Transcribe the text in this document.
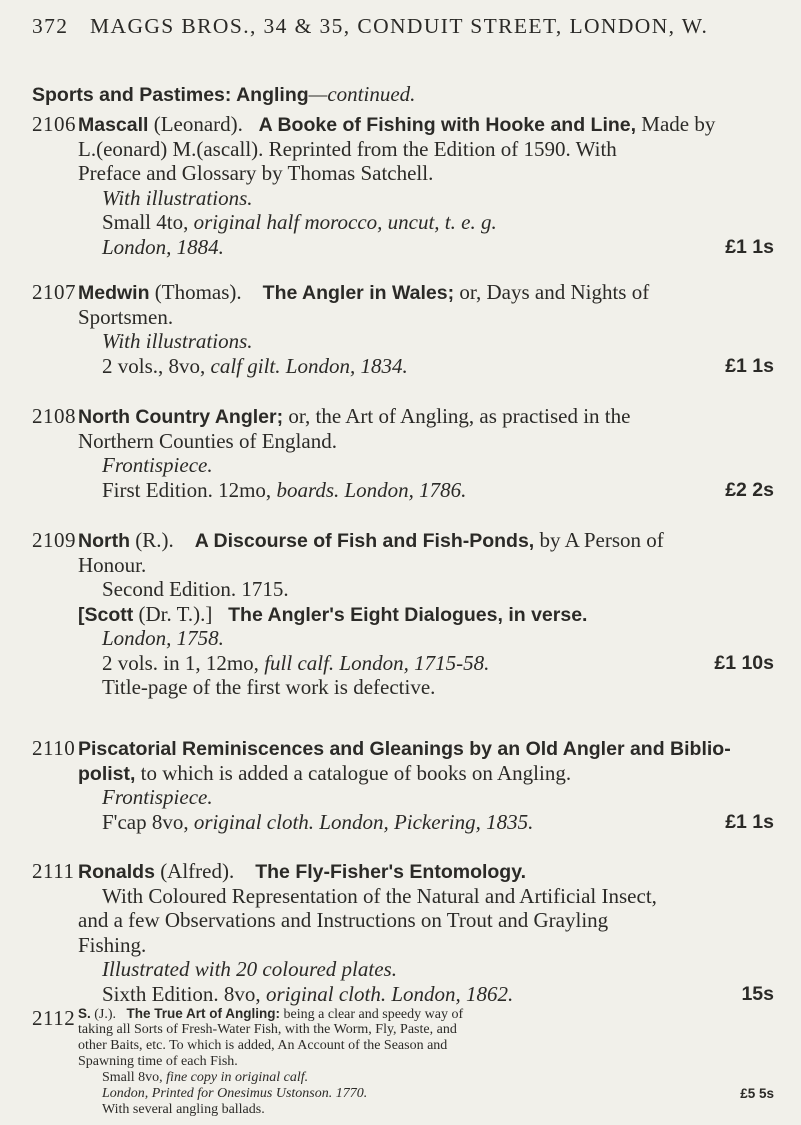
372 MAGGS BROS., 34 & 35, CONDUIT STREET, LONDON, W.
Sports and Pastimes: Angling—continued.
2106 Mascall (Leonard). A Booke of Fishing with Hooke and Line, Made by
L.(eonard) M.(ascall). Reprinted from the Edition of 1590. With
Preface and Glossary by Thomas Satchell.
With illustrations.
Small 4to, original half morocco, uncut, t. e. g.
London, 1884.	£1 1s
2107 Medwin (Thomas). The Angler in Wales; or, Days and Nights of
Sportsmen.
With illustrations.
2 vols., 8vo, calf gilt. London, 1834.	£1 1s
2108 North Country Angler; or, the Art of Angling, as practised in the
Northern Counties of England.
Frontispiece.
First Edition. 12mo, boards. London, 1786.	£2 2s
2109 North (R.). A Discourse of Fish and Fish-Ponds, by A Person of
Honour.
Second Edition. 1715.
[Scott (Dr. T.).] The Angler's Eight Dialogues, in verse.
London, 1758.
2 vols. in 1, 12mo, full calf. London, 1715-58.	£1 10s
Title-page of the first work is defective.
2110 Piscatorial Reminiscences and Gleanings by an Old Angler and Biblio-
polist, to which is added a catalogue of books on Angling.
Frontispiece.
F'cap 8vo, original cloth. London, Pickering, 1835.	£1 1s
2111 Ronalds (Alfred). The Fly-Fisher's Entomology.
With Coloured Representation of the Natural and Artificial Insect,
and a few Observations and Instructions on Trout and Grayling
Fishing.
Illustrated with 20 coloured plates.
Sixth Edition. 8vo, original cloth. London, 1862.	15s
2112 S. (J.). The True Art of Angling: being a clear and speedy way of
taking all Sorts of Fresh-Water Fish, with the Worm, Fly, Paste, and
other Baits, etc. To which is added, An Account of the Season and
Spawning time of each Fish.
Small 8vo, fine copy in original calf.
London, Printed for Onesimus Ustonson. 1770.	£5 5s
With several angling ballads.
